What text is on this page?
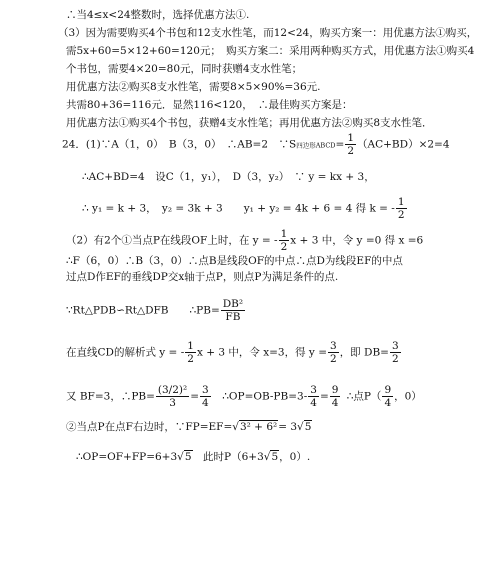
∴当4≤x<24整数时，选择优惠方法①.
（3）因为需要购买4个书包和12支水性笔，而12<24，购买方案一：用优惠方法①购买，
需5x+60=5×12+60=120元；　购买方案二：采用两种购买方式，用优惠方法①购买4
个书包，需要4×20=80元，同时获赠4支水性笔；
用优惠方法②购买8支水性笔，需要8×5×90%=36元.
共需80+36=116元．显然116<120，　∴最佳购买方案是：
用优惠方法①购买4个书包，获赠4支水性笔；再用优惠方法②购买8支水性笔．
24．(1)∵A（1，0）　B（3，0）　∴AB=2　∵S四边形ABCD= $\frac{1}{2} (AC+BD)\times 2=4$
∴AC+BD=4　设C（1，y₁），　D（3，y₂）　∵ y = kx + 3，
∴ y₁ = k + 3，　y₂ = 3k + 3　　y₁ + y₂ = 4k + 6 = 4 得 k = - $\frac{1}{2}$
（2）有2个①当点P在线段OF上时，在 y = - $\frac{1}{2}$ x + 3 中，令 y =0 得 x =6
∴F（6，0）∴B（3，0）∴点B是线段OF的中点∴点D为线段EF的中点
过点D作EF的垂线DP交x轴于点P，则点P为满足条件的点.
∵Rt△PDB∽Rt△DFB　　∴PB= $\frac{\text{DB²}}{FB}$
在直线CD的解析式 y = - $\frac{1}{2}$ x + 3 中，令 x=3，得 $y = \frac{3}{2}$ ，即 $DB= \frac{3}{2}$
又 BF=3，∴PB= $\frac{\text{(3/2)²}}{3} = \frac{3}{4}$
  ∴OP=OB-PB=3- $\frac{3}{4} = \frac{9}{4}$
  ∴点$P( \frac{9}{4}$ ，0）
②当点P在点F右边时，∵FP=EF=√3² + 6²= 3√5
∴OP=OF+FP=6+3√5　此时P（6+3√5，0）.
